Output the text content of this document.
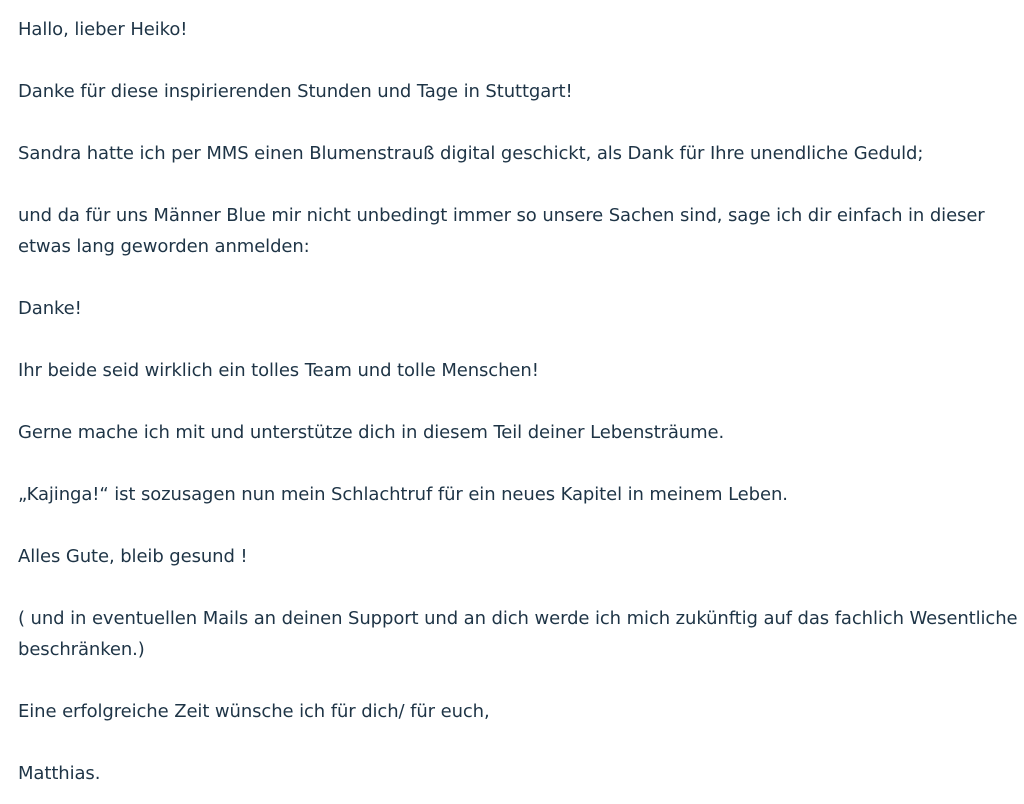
Hallo, lieber Heiko!

Danke für diese inspirierenden Stunden und Tage in Stuttgart!

Sandra hatte ich per MMS einen Blumenstrauß digital geschickt, als Dank für Ihre unendliche Geduld;

und da für uns Männer Blue mir nicht unbedingt immer so unsere Sachen sind, sage ich dir einfach in dieser etwas lang geworden anmelden:

Danke!

Ihr beide seid wirklich ein tolles Team und tolle Menschen!

Gerne mache ich mit und unterstütze dich in diesem Teil deiner Lebensträume.

„Kajinga!“ ist sozusagen nun mein Schlachtruf für ein neues Kapitel in meinem Leben.

Alles Gute, bleib gesund !

( und in eventuellen Mails an deinen Support und an dich werde ich mich zukünftig auf das fachlich Wesentliche beschränken.)

Eine erfolgreiche Zeit wünsche ich für dich/ für euch,

Matthias.
